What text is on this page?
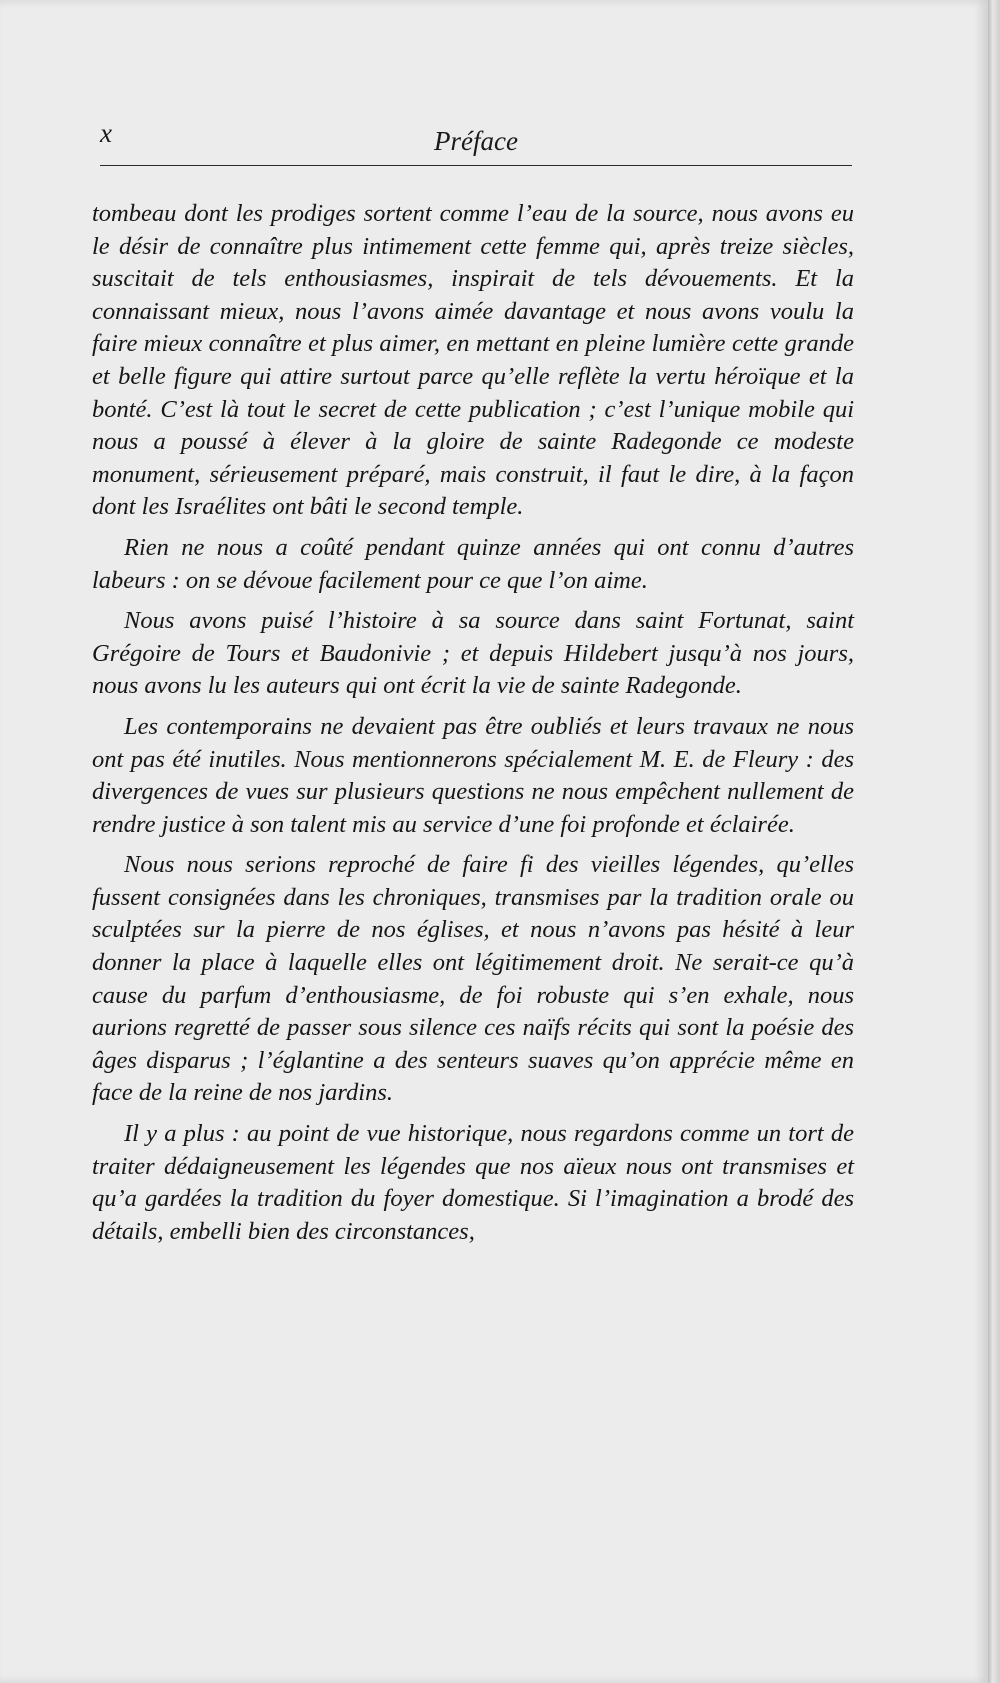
x	Préface

tombeau dont les prodiges sortent comme l’eau de la source, nous avons eu le désir de connaître plus intimement cette femme qui, après treize siècles, suscitait de tels enthousiasmes, inspirait de tels dévouements. Et la connaissant mieux, nous l’avons aimée davantage et nous avons voulu la faire mieux connaître et plus aimer, en mettant en pleine lumière cette grande et belle figure qui attire surtout parce qu’elle reflète la vertu héroïque et la bonté. C’est là tout le secret de cette publication ; c’est l’unique mobile qui nous a poussé à élever à la gloire de sainte Radegonde ce modeste monument, sérieusement préparé, mais construit, il faut le dire, à la façon dont les Israélites ont bâti le second temple.

Rien ne nous a coûté pendant quinze années qui ont connu d’autres labeurs : on se dévoue facilement pour ce que l’on aime.

Nous avons puisé l’histoire à sa source dans saint Fortunat, saint Grégoire de Tours et Baudonivie ; et depuis Hildebert jusqu’à nos jours, nous avons lu les auteurs qui ont écrit la vie de sainte Radegonde.

Les contemporains ne devaient pas être oubliés et leurs travaux ne nous ont pas été inutiles. Nous mentionnerons spécialement M. E. de Fleury : des divergences de vues sur plusieurs questions ne nous empêchent nullement de rendre justice à son talent mis au service d’une foi profonde et éclairée.

Nous nous serions reproché de faire fi des vieilles légendes, qu’elles fussent consignées dans les chroniques, transmises par la tradition orale ou sculptées sur la pierre de nos églises, et nous n’avons pas hésité à leur donner la place à laquelle elles ont légitimement droit. Ne serait-ce qu’à cause du parfum d’enthousiasme, de foi robuste qui s’en exhale, nous aurions regretté de passer sous silence ces naïfs récits qui sont la poésie des âges disparus ; l’églantine a des senteurs suaves qu’on apprécie même en face de la reine de nos jardins.

Il y a plus : au point de vue historique, nous regardons comme un tort de traiter dédaigneusement les légendes que nos aïeux nous ont transmises et qu’a gardées la tradition du foyer domestique. Si l’imagination a brodé des détails, embelli bien des circonstances,
